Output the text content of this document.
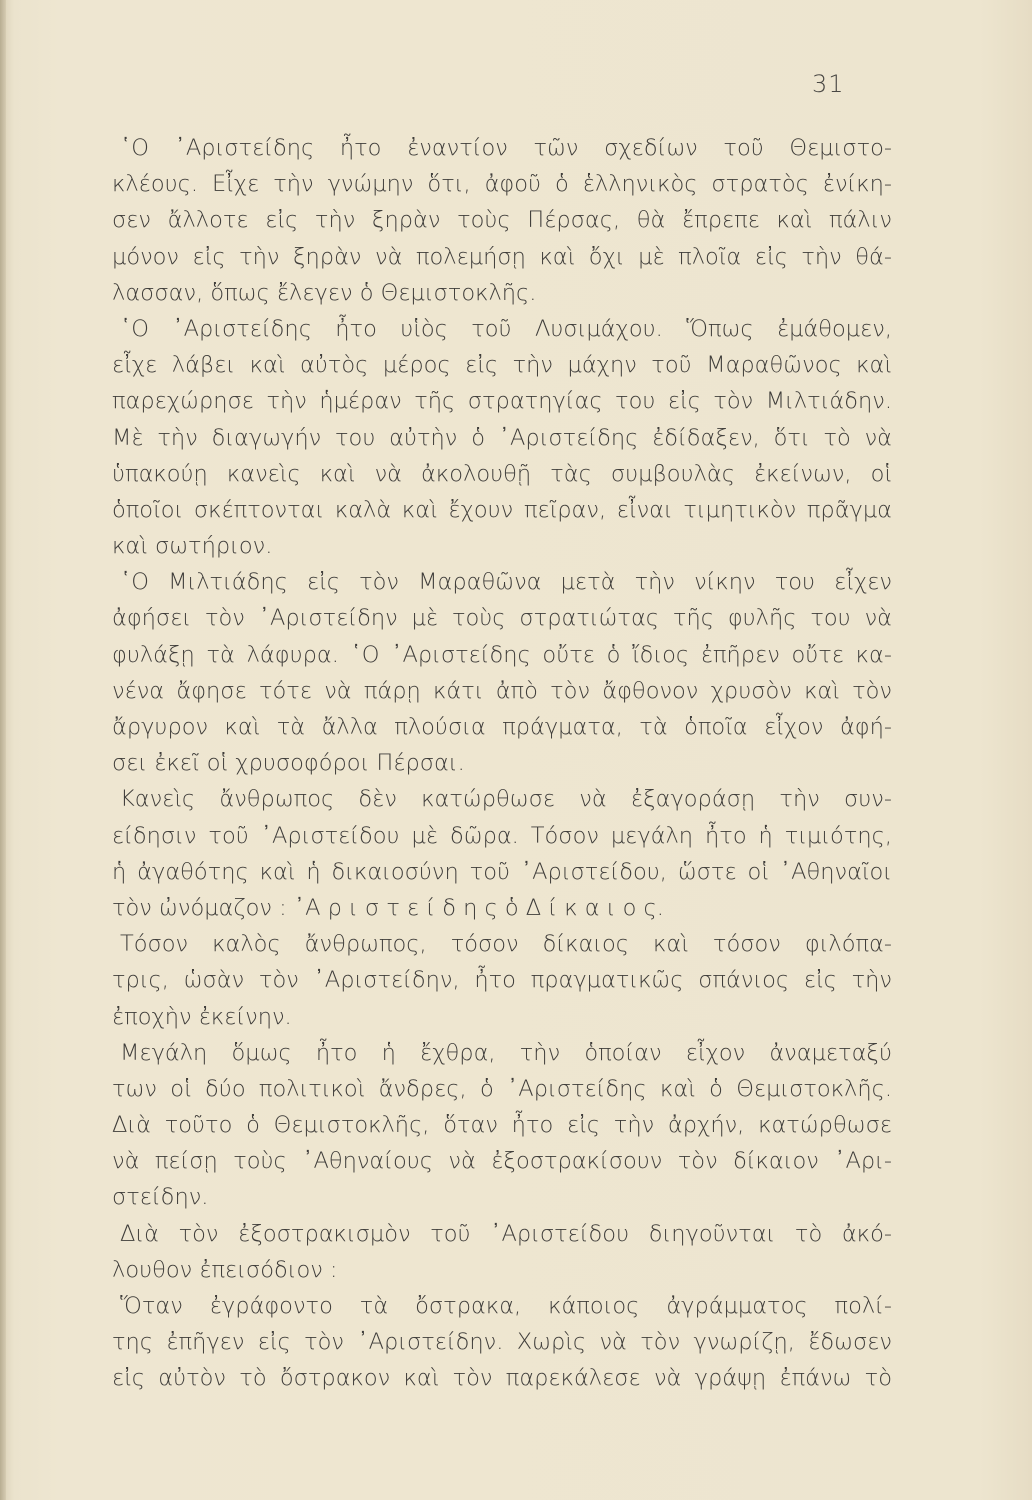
31
῾Ο ᾿Αριστείδης ἦτο ἐναντίον τῶν σχεδίων τοῦ Θεμιστο-
κλέους. Εἶχε τὴν γνώμην ὅτι, ἀφοῦ ὁ ἑλληνικὸς στρατὸς ἐνίκη-
σεν ἄλλοτε εἰς τὴν ξηρὰν τοὺς Πέρσας, θὰ ἔπρεπε καὶ πάλιν
μόνον εἰς τὴν ξηρὰν νὰ πολεμήσῃ καὶ ὄχι μὲ πλοῖα εἰς τὴν θά-
λασσαν, ὅπως ἔλεγεν ὁ Θεμιστοκλῆς.
῾Ο ᾿Αριστείδης ἦτο υἱὸς τοῦ Λυσιμάχου. Ὅπως ἐμάθομεν,
εἶχε λάβει καὶ αὐτὸς μέρος εἰς τὴν μάχην τοῦ Μαραθῶνος καὶ
παρεχώρησε τὴν ἡμέραν τῆς στρατηγίας του εἰς τὸν Μιλτιάδην.
Μὲ τὴν διαγωγήν του αὐτὴν ὁ ᾿Αριστείδης ἐδίδαξεν, ὅτι τὸ νὰ
ὑπακούῃ κανεὶς καὶ νὰ ἀκολουθῇ τὰς συμβουλὰς ἐκείνων, οἱ
ὁποῖοι σκέπτονται καλὰ καὶ ἔχουν πεῖραν, εἶναι τιμητικὸν πρᾶγμα
καὶ σωτήριον.
῾Ο Μιλτιάδης εἰς τὸν Μαραθῶνα μετὰ τὴν νίκην του εἶχεν
ἀφήσει τὸν ᾿Αριστείδην μὲ τοὺς στρατιώτας τῆς φυλῆς του νὰ
φυλάξῃ τὰ λάφυρα. ῾Ο ᾿Αριστείδης οὔτε ὁ ἴδιος ἐπῆρεν οὔτε κα-
νένα ἄφησε τότε νὰ πάρῃ κάτι ἀπὸ τὸν ἄφθονον χρυσὸν καὶ τὸν
ἄργυρον καὶ τὰ ἄλλα πλούσια πράγματα, τὰ ὁποῖα εἶχον ἀφή-
σει ἐκεῖ οἱ χρυσοφόροι Πέρσαι.
Κανεὶς ἄνθρωπος δὲν κατώρθωσε νὰ ἐξαγοράσῃ τὴν συν-
είδησιν τοῦ ᾿Αριστείδου μὲ δῶρα. Τόσον μεγάλη ἦτο ἡ τιμιότης,
ἡ ἀγαθότης καὶ ἡ δικαιοσύνη τοῦ ᾿Αριστείδου, ὥστε οἱ ᾿Αθηναῖοι
τὸν ὠνόμαζον : ᾿Α ρ ι σ τ ε ί δ η ς ὁ Δ ί κ α ι ο ς.
Τόσον καλὸς ἄνθρωπος, τόσον δίκαιος καὶ τόσον φιλόπα-
τρις, ὡσὰν τὸν ᾿Αριστείδην, ἦτο πραγματικῶς σπάνιος εἰς τὴν
ἐποχὴν ἐκείνην.
Μεγάλη ὅμως ἦτο ἡ ἔχθρα, τὴν ὁποίαν εἶχον ἀναμεταξύ
των οἱ δύο πολιτικοὶ ἄνδρες, ὁ ᾿Αριστείδης καὶ ὁ Θεμιστοκλῆς.
Διὰ τοῦτο ὁ Θεμιστοκλῆς, ὅταν ἦτο εἰς τὴν ἀρχήν, κατώρθωσε
νὰ πείσῃ τοὺς ᾿Αθηναίους νὰ ἐξοστρακίσουν τὸν δίκαιον ᾿Αρι-
στείδην.
Διὰ τὸν ἐξοστρακισμὸν τοῦ ᾿Αριστείδου διηγοῦνται τὸ ἀκό-
λουθον ἐπεισόδιον :
Ὅταν ἐγράφοντο τὰ ὄστρακα, κάποιος ἀγράμματος πολί-
της ἐπῆγεν εἰς τὸν ᾿Αριστείδην. Χωρὶς νὰ τὸν γνωρίζῃ, ἔδωσεν
εἰς αὐτὸν τὸ ὄστρακον καὶ τὸν παρεκάλεσε νὰ γράψῃ ἐπάνω τὸ
